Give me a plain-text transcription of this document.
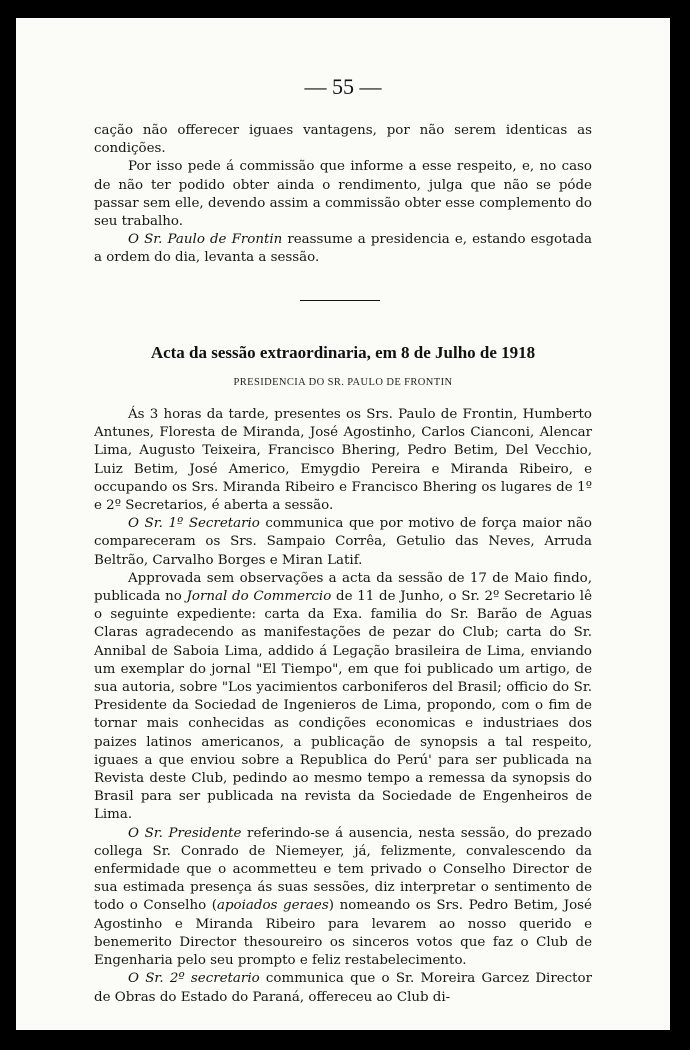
— 55 —

cação não offerecer iguaes vantagens, por não serem identicas as condições.

Por isso pede á commissão que informe a esse respeito, e, no caso de não ter podido obter ainda o rendimento, julga que não se póde passar sem elle, devendo assim a commissão obter esse complemento do seu trabalho.

O Sr. Paulo de Frontin reassume a presidencia e, estando esgotada a ordem do dia, levanta a sessão.

Acta da sessão extraordinaria, em 8 de Julho de 1918
PRESIDENCIA DO SR. PAULO DE FRONTIN

Ás 3 horas da tarde, presentes os Srs. Paulo de Frontin, Humberto Antunes, Floresta de Miranda, José Agostinho, Carlos Cianconi, Alencar Lima, Augusto Teixeira, Francisco Bhering, Pedro Betim, Del Vecchio, Luiz Betim, José Americo, Emygdio Pereira e Miranda Ribeiro, e occupando os Srs. Miranda Ribeiro e Francisco Bhering os lugares de 1º e 2º Secretarios, é aberta a sessão.

O Sr. 1º Secretario communica que por motivo de força maior não compareceram os Srs. Sampaio Corrêa, Getulio das Neves, Arruda Beltrão, Carvalho Borges e Miran Latif.

Approvada sem observações a acta da sessão de 17 de Maio findo, publicada no Jornal do Commercio de 11 de Junho, o Sr. 2º Secretario lê o seguinte expediente: carta da Exa. familia do Sr. Barão de Aguas Claras agradecendo as manifestações de pezar do Club; carta do Sr. Annibal de Saboia Lima, addido á Legação brasileira de Lima, enviando um exemplar do jornal "El Tiempo", em que foi publicado um artigo, de sua autoria, sobre "Los yacimientos carboniferos del Brasil; officio do Sr. Presidente da Sociedad de Ingenieros de Lima, propondo, com o fim de tornar mais conhecidas as condições economicas e industriaes dos paizes latinos americanos, a publicação de synopsis a tal respeito, iguaes a que enviou sobre a Republica do Perú' para ser publicada na Revista deste Club, pedindo ao mesmo tempo a remessa da synopsis do Brasil para ser publicada na revista da Sociedade de Engenheiros de Lima.

O Sr. Presidente referindo-se á ausencia, nesta sessão, do prezado collega Sr. Conrado de Niemeyer, já, felizmente, convalescendo da enfermidade que o acommetteu e tem privado o Conselho Director de sua estimada presença ás suas sessões, diz interpretar o sentimento de todo o Conselho (apoiados geraes) nomeando os Srs. Pedro Betim, José Agostinho e Miranda Ribeiro para levarem ao nosso querido e benemerito Director thesoureiro os sinceros votos que faz o Club de Engenharia pelo seu prompto e feliz restabelecimento.

O Sr. 2º secretario communica que o Sr. Moreira Garcez Director de Obras do Estado do Paraná, offereceu ao Club di-
